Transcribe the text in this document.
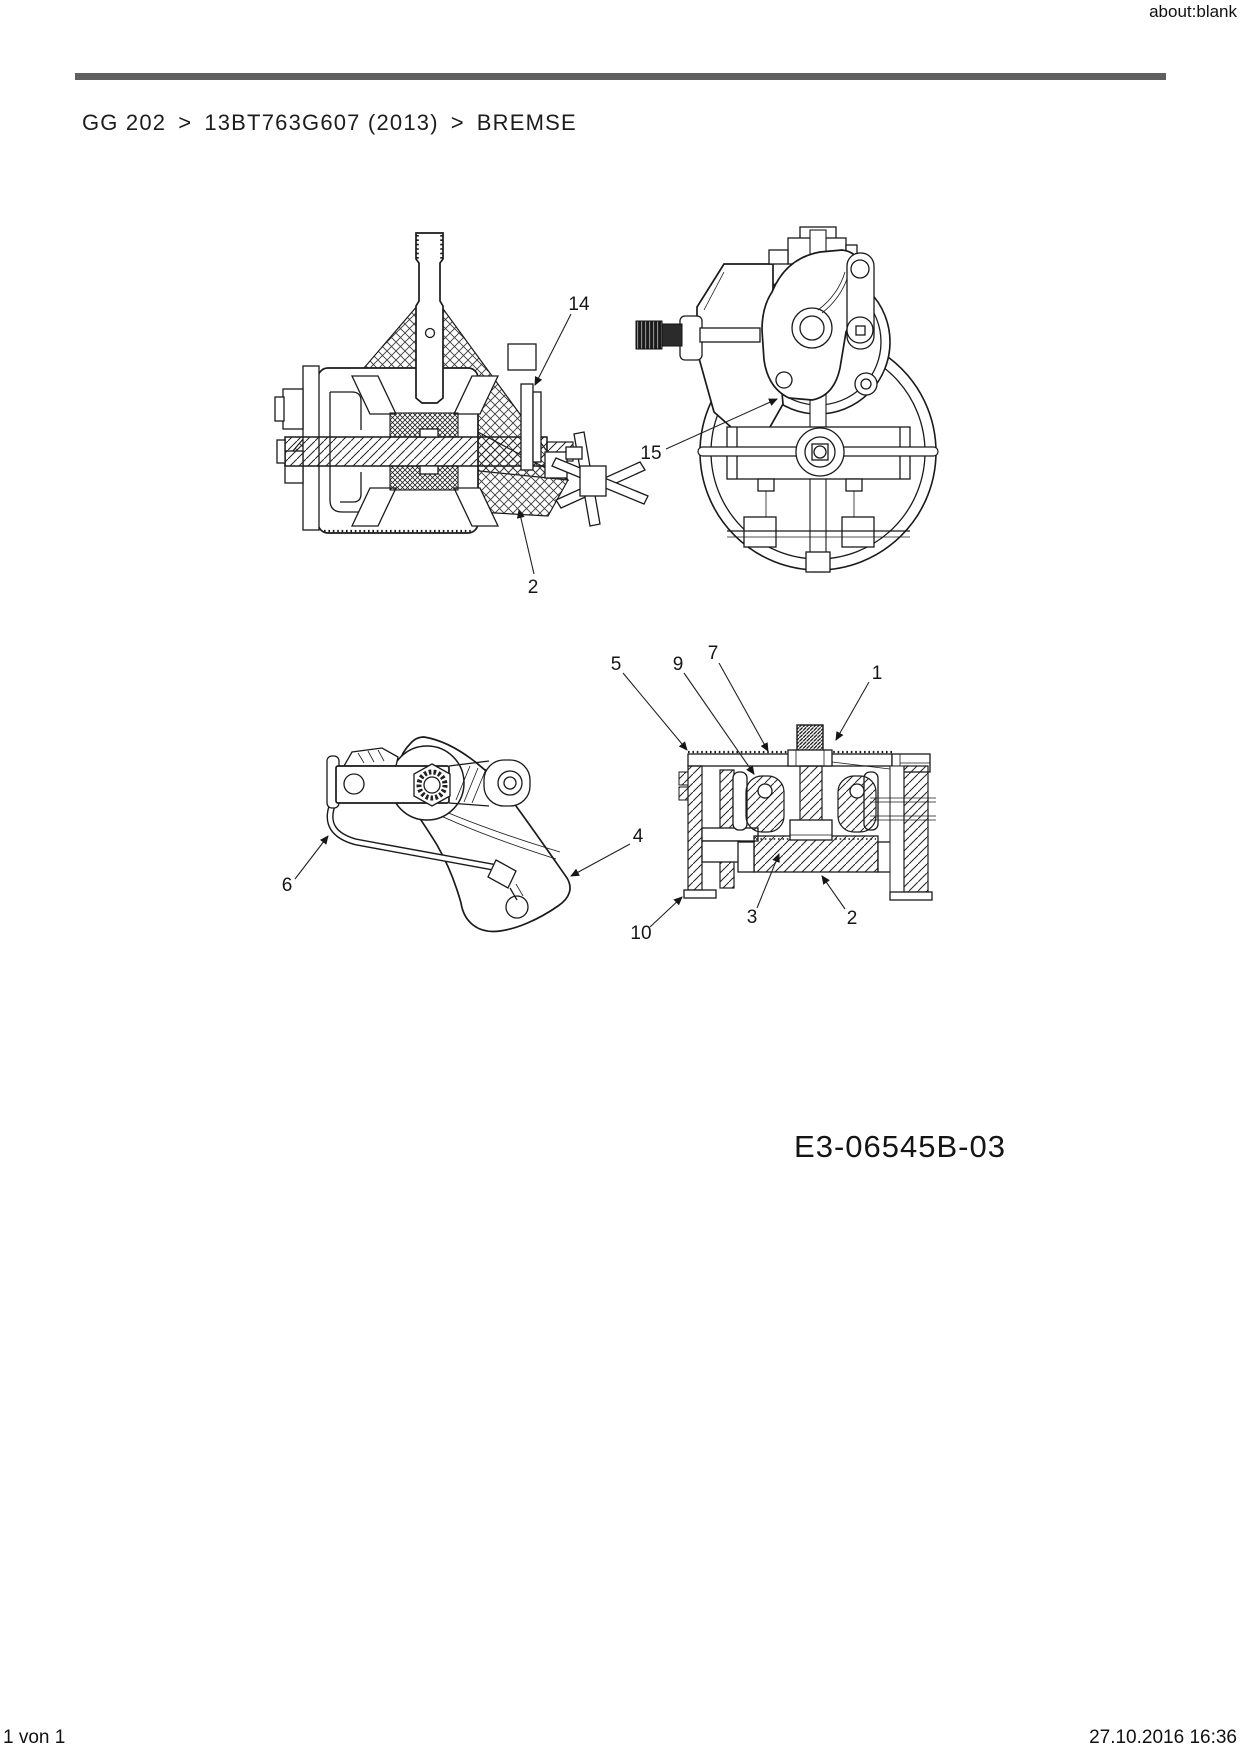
about:blank
GG 202 > 13BT763G607 (2013) > BREMSE
14
2
15
6
4
5	9
7
1
10
3	2
E3-06545B-03
1 von 1	27.10.2016 16:36
